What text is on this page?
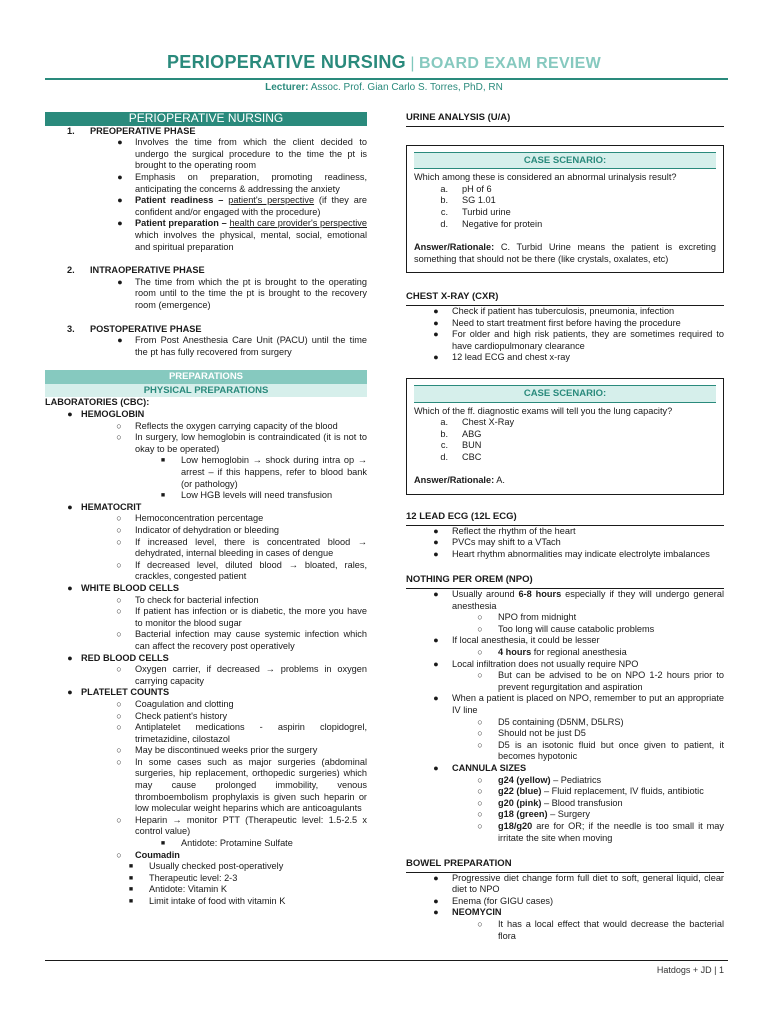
PERIOPERATIVE NURSING | BOARD EXAM REVIEW
Lecturer: Assoc. Prof. Gian Carlo S. Torres, PhD, RN
PERIOPERATIVE NURSING
1.	PREOPERATIVE PHASE
●	Involves the time from which the client decided to undergo the surgical procedure to the time the pt is brought to the operating room
●	Emphasis on preparation, promoting readiness, anticipating the concerns & addressing the anxiety
●	Patient readiness – patient's perspective (if they are confident and/or engaged with the procedure)
●	Patient preparation – health care provider's perspective which involves the physical, mental, social, emotional and spiritual preparation
2.	INTRAOPERATIVE PHASE
●	The time from which the pt is brought to the operating room until to the time the pt is brought to the recovery room (emergence)
3.	POSTOPERATIVE PHASE
●	From Post Anesthesia Care Unit (PACU) until the time the pt has fully recovered from surgery
PREPARATIONS
PHYSICAL PREPARATIONS
LABORATORIES (CBC):
● HEMOGLOBIN
○	Reflects the oxygen carrying capacity of the blood
○	In surgery, low hemoglobin is contraindicated (it is not to okay to be operated)
■	Low hemoglobin → shock during intra op → arrest – if this happens, refer to blood bank (or pathology)
■	Low HGB levels will need transfusion
● HEMATOCRIT
○	Hemoconcentration percentage
○	Indicator of dehydration or bleeding
○	If increased level, there is concentrated blood → dehydrated, internal bleeding in cases of dengue
○	If decreased level, diluted blood → bloated, rales, crackles, congested patient
● WHITE BLOOD CELLS
○	To check for bacterial infection
○	If patient has infection or is diabetic, the more you have to monitor the blood sugar
○	Bacterial infection may cause systemic infection which can affect the recovery post operatively
● RED BLOOD CELLS
○	Oxygen carrier, if decreased → problems in oxygen carrying capacity
● PLATELET COUNTS
○	Coagulation and clotting
○	Check patient's history
○	Antiplatelet medications - aspirin clopidogrel, trimetazidine, cilostazol
○	May be discontinued weeks prior the surgery
○	In some cases such as major surgeries (abdominal surgeries, hip replacement, orthopedic surgeries) which may cause prolonged immobility, venous thromboembolism prophylaxis is given such heparin or low molecular weight heparins which are anticoagulants
○	Heparin → monitor PTT (Therapeutic level: 1.5-2.5 x control value)
■	Antidote: Protamine Sulfate
○	Coumadin
■	Usually checked post-operatively
■	Therapeutic level: 2-3
■	Antidote: Vitamin K
■	Limit intake of food with vitamin K
URINE ANALYSIS (U/A)
CASE SCENARIO:
Which among these is considered an abnormal urinalysis result?
a.	pH of 6
b.	SG 1.01
c.	Turbid urine
d.	Negative for protein
Answer/Rationale: C. Turbid Urine means the patient is excreting something that should not be there (like crystals, oxalates, etc)
CHEST X-RAY (CXR)
●	Check if patient has tuberculosis, pneumonia, infection
●	Need to start treatment first before having the procedure
●	For older and high risk patients, they are sometimes required to have cardiopulmonary clearance
●	12 lead ECG and chest x-ray
CASE SCENARIO:
Which of the ff. diagnostic exams will tell you the lung capacity?
a.	Chest X-Ray
b.	ABG
c.	BUN
d.	CBC
Answer/Rationale: A.
12 LEAD ECG (12L ECG)
●	Reflect the rhythm of the heart
●	PVCs may shift to a VTach
●	Heart rhythm abnormalities may indicate electrolyte imbalances
NOTHING PER OREM (NPO)
●	Usually around 6-8 hours especially if they will undergo general anesthesia
○	NPO from midnight
○	Too long will cause catabolic problems
●	If local anesthesia, it could be lesser
○	4 hours for regional anesthesia
●	Local infiltration does not usually require NPO
○	But can be advised to be on NPO 1-2 hours prior to prevent regurgitation and aspiration
●	When a patient is placed on NPO, remember to put an appropriate IV line
○	D5 containing (D5NM, D5LRS)
○	Should not be just D5
○	D5 is an isotonic fluid but once given to patient, it becomes hypotonic
●	CANNULA SIZES
○	g24 (yellow) – Pediatrics
○	g22 (blue) – Fluid replacement, IV fluids, antibiotic
○	g20 (pink) – Blood transfusion
○	g18 (green) – Surgery
○	g18/g20 are for OR; if the needle is too small it may irritate the site when moving
BOWEL PREPARATION
●	Progressive diet change form full diet to soft, general liquid, clear diet to NPO
●	Enema (for GIGU cases)
●	NEOMYCIN
○	It has a local effect that would decrease the bacterial flora
Hatdogs + JD | 1
